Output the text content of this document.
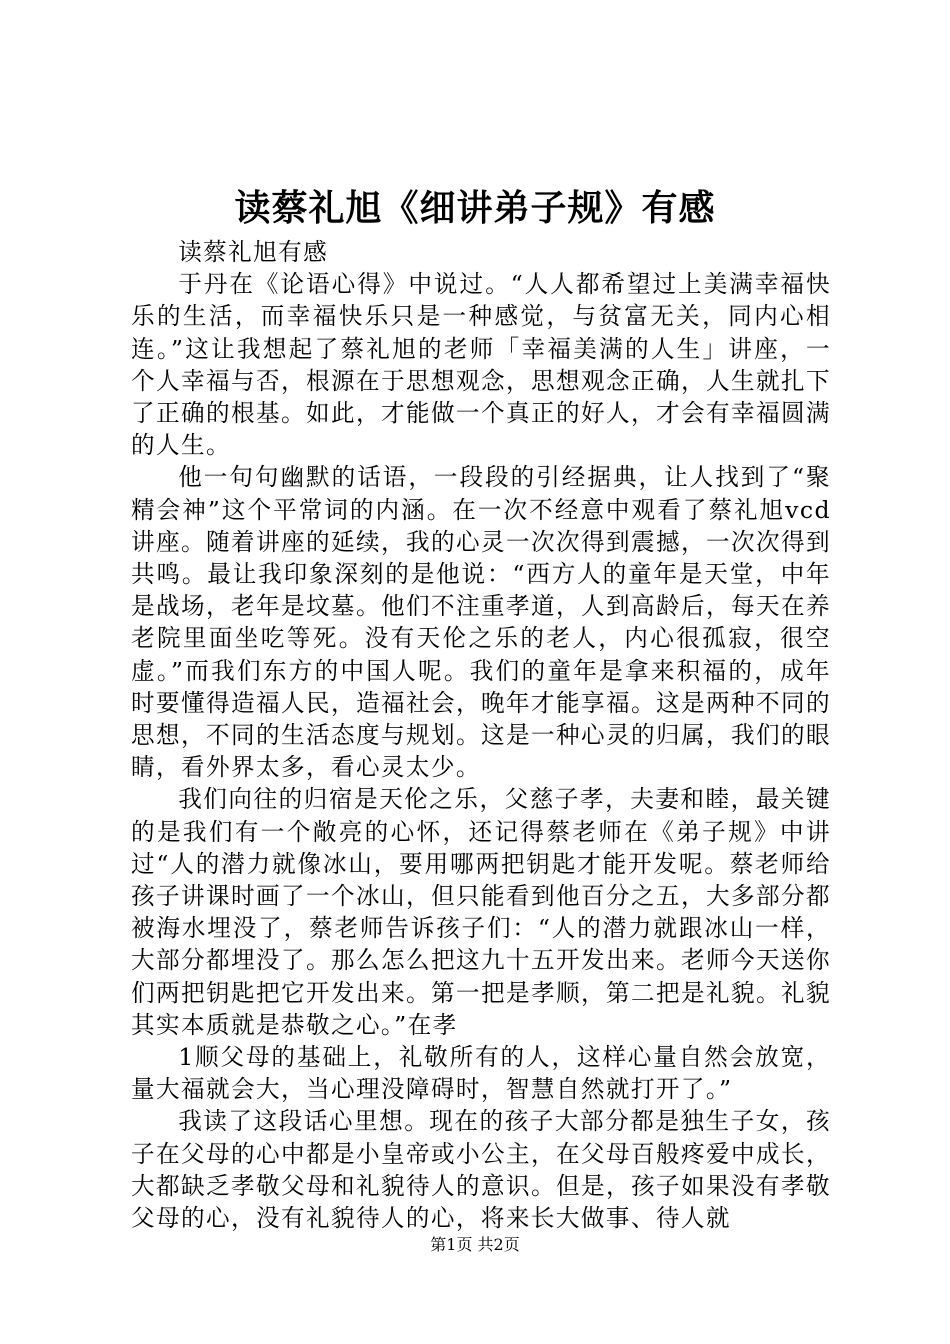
读蔡礼旭《细讲弟子规》有感

读蔡礼旭有感

于丹在《论语心得》中说过。“人人都希望过上美满幸福快乐的生活，而幸福快乐只是一种感觉，与贫富无关，同内心相连。”这让我想起了蔡礼旭的老师「幸福美满的人生」讲座，一个人幸福与否，根源在于思想观念，思想观念正确，人生就扎下了正确的根基。如此，才能做一个真正的好人，才会有幸福圆满的人生。

他一句句幽默的话语，一段段的引经据典，让人找到了“聚精会神”这个平常词的内涵。在一次不经意中观看了蔡礼旭vcd讲座。随着讲座的延续，我的心灵一次次得到震撼，一次次得到共鸣。最让我印象深刻的是他说：“西方人的童年是天堂，中年是战场，老年是坟墓。他们不注重孝道，人到高龄后，每天在养老院里面坐吃等死。没有天伦之乐的老人，内心很孤寂，很空虚。”而我们东方的中国人呢。我们的童年是拿来积福的，成年时要懂得造福人民，造福社会，晚年才能享福。这是两种不同的思想，不同的生活态度与规划。这是一种心灵的归属，我们的眼睛，看外界太多，看心灵太少。

我们向往的归宿是天伦之乐，父慈子孝，夫妻和睦，最关键的是我们有一个敞亮的心怀，还记得蔡老师在《弟子规》中讲过“人的潜力就像冰山，要用哪两把钥匙才能开发呢。蔡老师给孩子讲课时画了一个冰山，但只能看到他百分之五，大多部分都被海水埋没了，蔡老师告诉孩子们：“人的潜力就跟冰山一样，大部分都埋没了。那么怎么把这九十五开发出来。老师今天送你们两把钥匙把它开发出来。第一把是孝顺，第二把是礼貌。礼貌其实本质就是恭敬之心。”在孝

1顺父母的基础上，礼敬所有的人，这样心量自然会放宽，量大福就会大，当心理没障碍时，智慧自然就打开了。”

我读了这段话心里想。现在的孩子大部分都是独生子女，孩子在父母的心中都是小皇帝或小公主，在父母百般疼爱中成长，大都缺乏孝敬父母和礼貌待人的意识。但是，孩子如果没有孝敬父母的心，没有礼貌待人的心，将来长大做事、待人就

第1页 共2页
